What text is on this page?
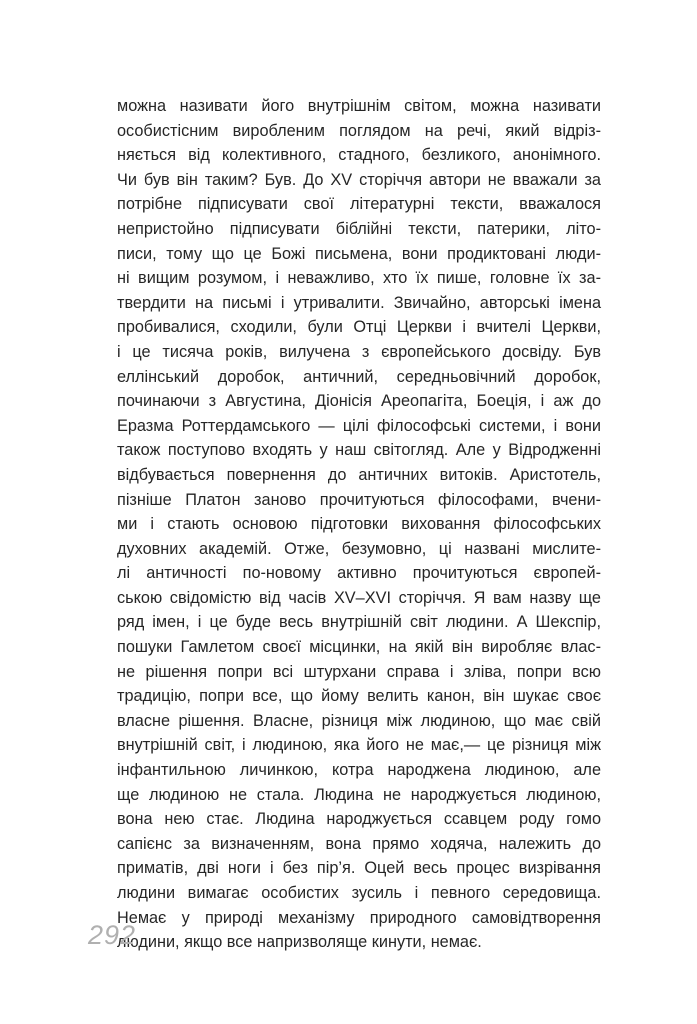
можна називати його внутрішнім світом, можна називати
особистісним виробленим поглядом на речі, який відріз-
няється від колективного, стадного, безликого, анонімного.
Чи був він таким? Був. До XV сторіччя автори не вважали за
потрібне підписувати свої літературні тексти, вважалося
непристойно підписувати біблійні тексти, патерики, літо-
писи, тому що це Божі письмена, вони продиктовані люди-
ні вищим розумом, і неважливо, хто їх пише, головне їх за-
твердити на письмі і утривалити. Звичайно, авторські імена
пробивалися, сходили, були Отці Церкви і вчителі Церкви,
і це тисяча років, вилучена з європейського досвіду. Був
еллінський доробок, античний, середньовічний доробок,
починаючи з Августина, Діонісія Ареопагіта, Боеція, і аж до
Еразма Роттердамського — цілі філософські системи, і вони
також поступово входять у наш світогляд. Але у Відродженні
відбувається повернення до античних витоків. Аристотель,
пізніше Платон заново прочитуються філософами, вчени-
ми і стають основою підготовки виховання філософських
духовних академій. Отже, безумовно, ці названі мислите-
лі античності по-новому активно прочитуються європей-
ською свідомістю від часів XV–XVI сторіччя. Я вам назву ще
ряд імен, і це буде весь внутрішній світ людини. А Шекспір,
пошуки Гамлетом своєї місцинки, на якій він виробляє влас-
не рішення попри всі штурхани справа і зліва, попри всю
традицію, попри все, що йому велить канон, він шукає своє
власне рішення. Власне, різниця між людиною, що має свій
внутрішній світ, і людиною, яка його не має,— це різниця між
інфантильною личинкою, котра народжена людиною, але
ще людиною не стала. Людина не народжується людиною,
вона нею стає. Людина народжується ссавцем роду гомо
сапієнс за визначенням, вона прямо ходяча, належить до
приматів, дві ноги і без пір’я. Оцей весь процес визрівання
людини вимагає особистих зусиль і певного середовища.
Немає у природі механізму природного самовідтворення
людини, якщо все напризволяще кинути, немає.
292
